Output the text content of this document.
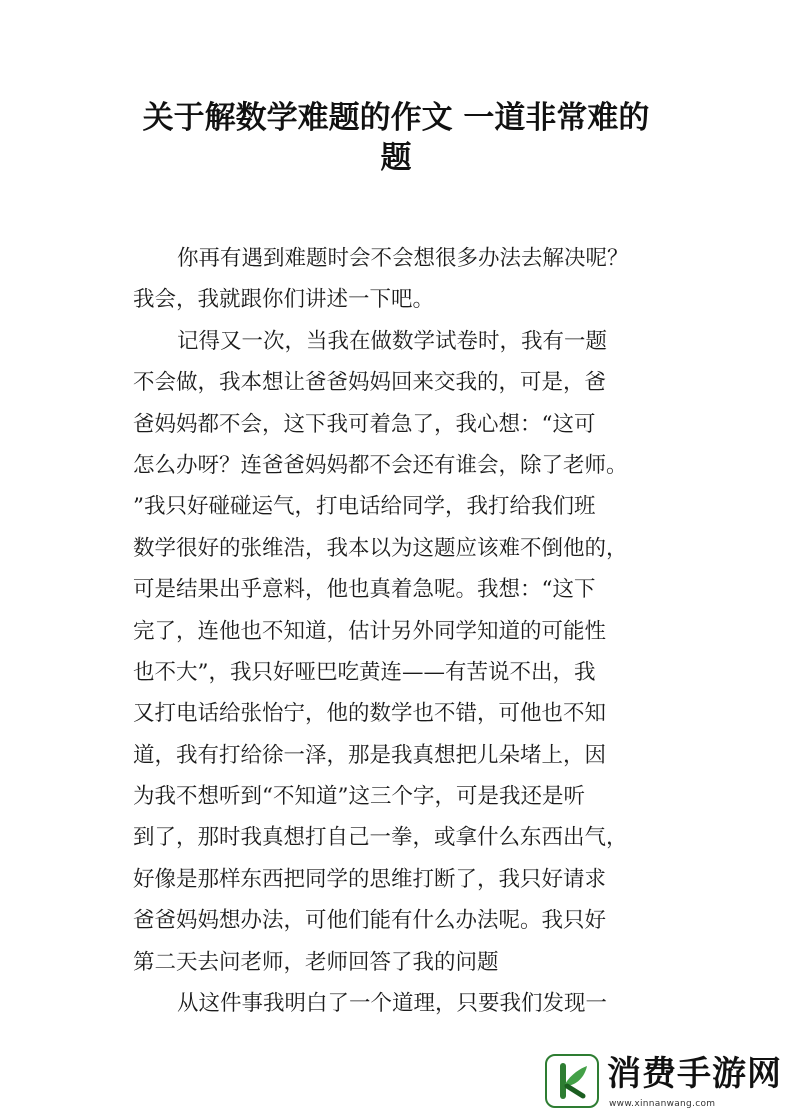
关于解数学难题的作文 一道非常难的
题
你再有遇到难题时会不会想很多办法去解决呢？
我会，我就跟你们讲述一下吧。
记得又一次，当我在做数学试卷时，我有一题
不会做，我本想让爸爸妈妈回来交我的，可是，爸
爸妈妈都不会，这下我可着急了，我心想：“这可
怎么办呀？连爸爸妈妈都不会还有谁会，除了老师。
”我只好碰碰运气，打电话给同学，我打给我们班
数学很好的张维浩，我本以为这题应该难不倒他的，
可是结果出乎意料，他也真着急呢。我想：“这下
完了，连他也不知道，估计另外同学知道的可能性
也不大”，我只好哑巴吃黄连——有苦说不出，我
又打电话给张怡宁，他的数学也不错，可他也不知
道，我有打给徐一泽，那是我真想把儿朵堵上，因
为我不想听到“不知道”这三个字，可是我还是听
到了，那时我真想打自己一拳，或拿什么东西出气，
好像是那样东西把同学的思维打断了，我只好请求
爸爸妈妈想办法，可他们能有什么办法呢。我只好
第二天去问老师，老师回答了我的问题
从这件事我明白了一个道理，只要我们发现一
消费手游网
www.xinnanwang.com
